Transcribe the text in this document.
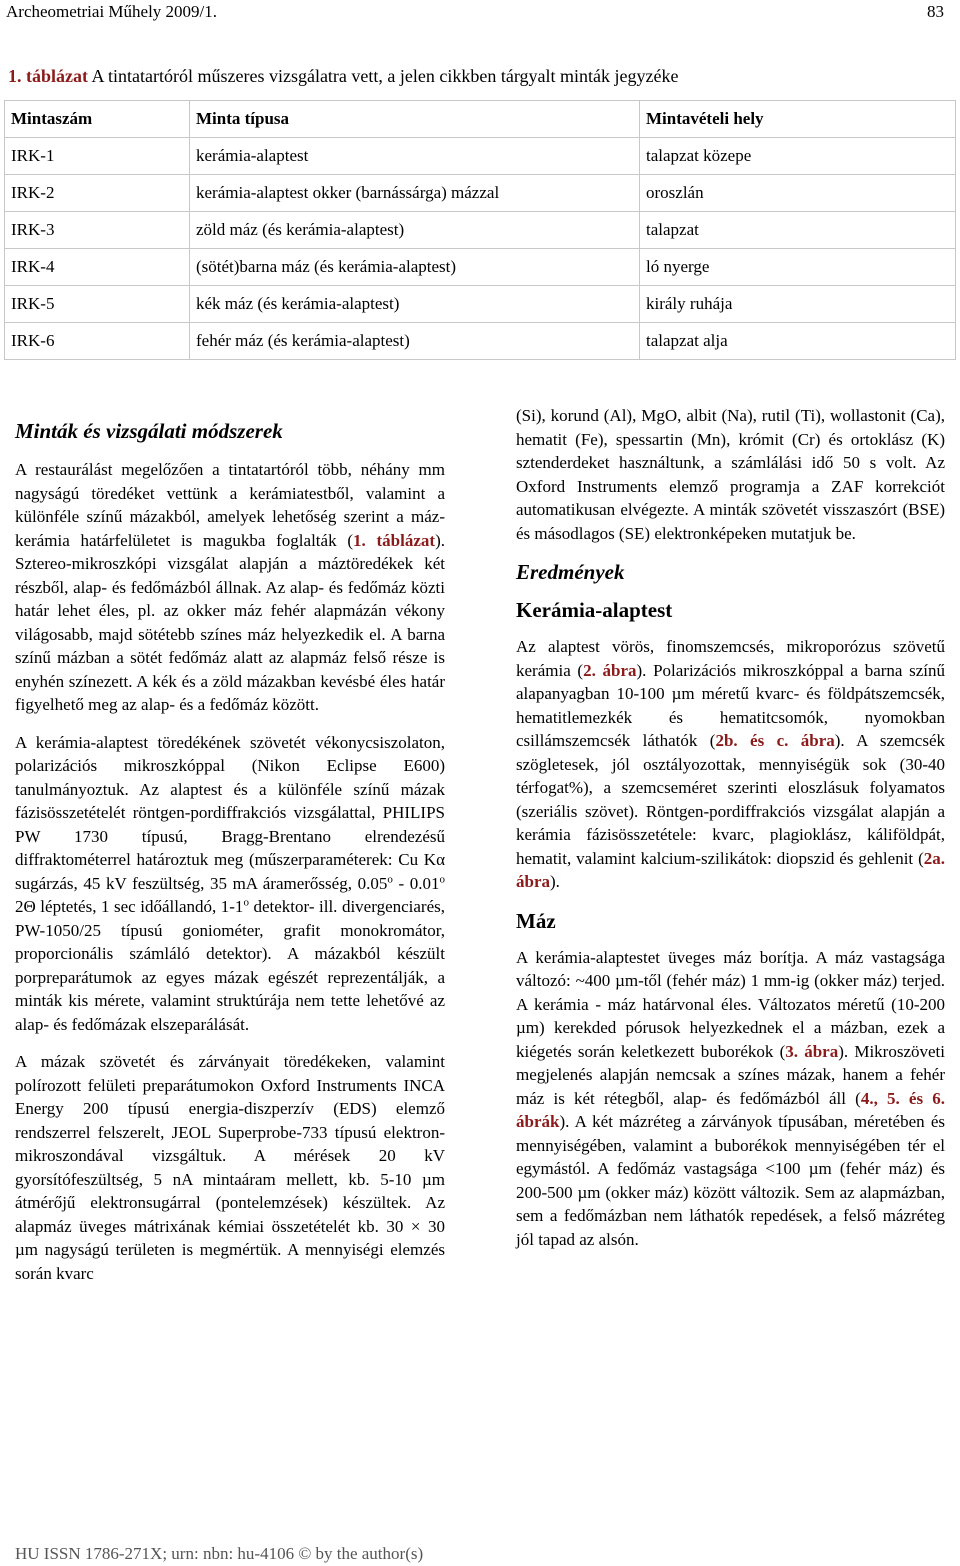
Archeometriai Műhely 2009/1.	83
1. táblázat A tintatartóról műszeres vizsgálatra vett, a jelen cikkben tárgyalt minták jegyzéke
Mintaszám	Minta típusa	Mintavételi hely
IRK-1	kerámia-alaptest	talapzat közepe
IRK-2	kerámia-alaptest okker (barnássárga) mázzal	oroszlán
IRK-3	zöld máz (és kerámia-alaptest)	talapzat
IRK-4	(sötét)barna máz (és kerámia-alaptest)	ló nyerge
IRK-5	kék máz (és kerámia-alaptest)	király ruhája
IRK-6	fehér máz (és kerámia-alaptest)	talapzat alja
Minták és vizsgálati módszerek

A restaurálást megelőzően a tintatartóról több, néhány mm nagyságú töredéket vettünk a kerámiatestből, valamint a különféle színű mázakból, amelyek lehetőség szerint a máz-kerámia határfelületet is magukba foglalták (1. táblázat). Sztereo-mikroszkópi vizsgálat alapján a máztöredékek két részből, alap- és fedőmázból állnak. Az alap- és fedőmáz közti határ lehet éles, pl. az okker máz fehér alapmázán vékony világosabb, majd sötétebb színes máz helyezkedik el. A barna színű mázban a sötét fedőmáz alatt az alapmáz felső része is enyhén színezett. A kék és a zöld mázakban kevésbé éles határ figyelhető meg az alap- és a fedőmáz között.

A kerámia-alaptest töredékének szövetét vékonycsiszolaton, polarizációs mikroszkóppal (Nikon Eclipse E600) tanulmányoztuk. Az alaptest és a különféle színű mázak fázisösszetételét röntgen-pordiffrakciós vizsgálattal, PHILIPS PW 1730 típusú, Bragg-Brentano elrendezésű diffraktométerrel határoztuk meg (műszerparaméterek: Cu Kα sugárzás, 45 kV feszültség, 35 mA áramerősség, 0.05$^o$ - 0.01$^o$ 2Θ léptetés, 1 sec időállandó, 1-1$^o$ detektor- ill. divergenciarés, PW-1050/25 típusú goniométer, grafit monokromátor, proporcionális számláló detektor). A mázakból készült porpreparátumok az egyes mázak egészét reprezentálják, a minták kis mérete, valamint struktúrája nem tette lehetővé az alap- és fedőmázak elszeparálását.

A mázak szövetét és zárványait töredékeken, valamint polírozott felületi preparátumokon Oxford Instruments INCA Energy 200 típusú energia-diszperzív (EDS) elemző rendszerrel felszerelt, JEOL Superprobe-733 típusú elektron-mikroszondával vizsgáltuk. A mérések 20 kV gyorsítófeszültség, 5 nA mintaáram mellett, kb. 5-10 µm átmérőjű elektronsugárral (pontelemzések) készültek. Az alapmáz üveges mátrixának kémiai összetételét kb. 30 × 30 µm nagyságú területen is megmértük. A mennyiségi elemzés során kvarc

(Si), korund (Al), MgO, albit (Na), rutil (Ti), wollastonit (Ca), hematit (Fe), spessartin (Mn), krómit (Cr) és ortoklász (K) sztenderdeket használtunk, a számlálási idő 50 s volt. Az Oxford Instruments elemző programja a ZAF korrekciót automatikusan elvégezte. A minták szövetét visszaszórt (BSE) és másodlagos (SE) elektronképeken mutatjuk be.

Eredmények
Kerámia-alaptest

Az alaptest vörös, finomszemcsés, mikroporózus szövetű kerámia (2. ábra). Polarizációs mikroszkóppal a barna színű alapanyagban 10-100 µm méretű kvarc- és földpátszemcsék, hematitlemezkék és hematitcsomók, nyomokban csillámszemcsék láthatók (2b. és c. ábra). A szemcsék szögletesek, jól osztályozottak, mennyiségük sok (30-40 térfogat%), a szemcseméret szerinti eloszlásuk folyamatos (szeriális szövet). Röntgen-pordiffrakciós vizsgálat alapján a kerámia fázisösszetétele: kvarc, plagioklász, káliföldpát, hematit, valamint kalcium-szilikátok: diopszid és gehlenit (2a. ábra).

Máz

A kerámia-alaptestet üveges máz borítja. A máz vastagsága változó: ~400 µm-től (fehér máz) 1 mm-ig (okker máz) terjed. A kerámia - máz határvonal éles. Változatos méretű (10-200 µm) kerekded pórusok helyezkednek el a mázban, ezek a kiégetés során keletkezett buborékok (3. ábra). Mikroszöveti megjelenés alapján nemcsak a színes mázak, hanem a fehér máz is két rétegből, alap- és fedőmázból áll (4., 5. és 6. ábrák). A két mázréteg a zárványok típusában, méretében és mennyiségében, valamint a buborékok mennyiségében tér el egymástól. A fedőmáz vastagsága <100 µm (fehér máz) és 200-500 µm (okker máz) között változik. Sem az alapmázban, sem a fedőmázban nem láthatók repedések, a felső mázréteg jól tapad az alsón.

HU ISSN 1786-271X; urn: nbn: hu-4106 © by the author(s)
